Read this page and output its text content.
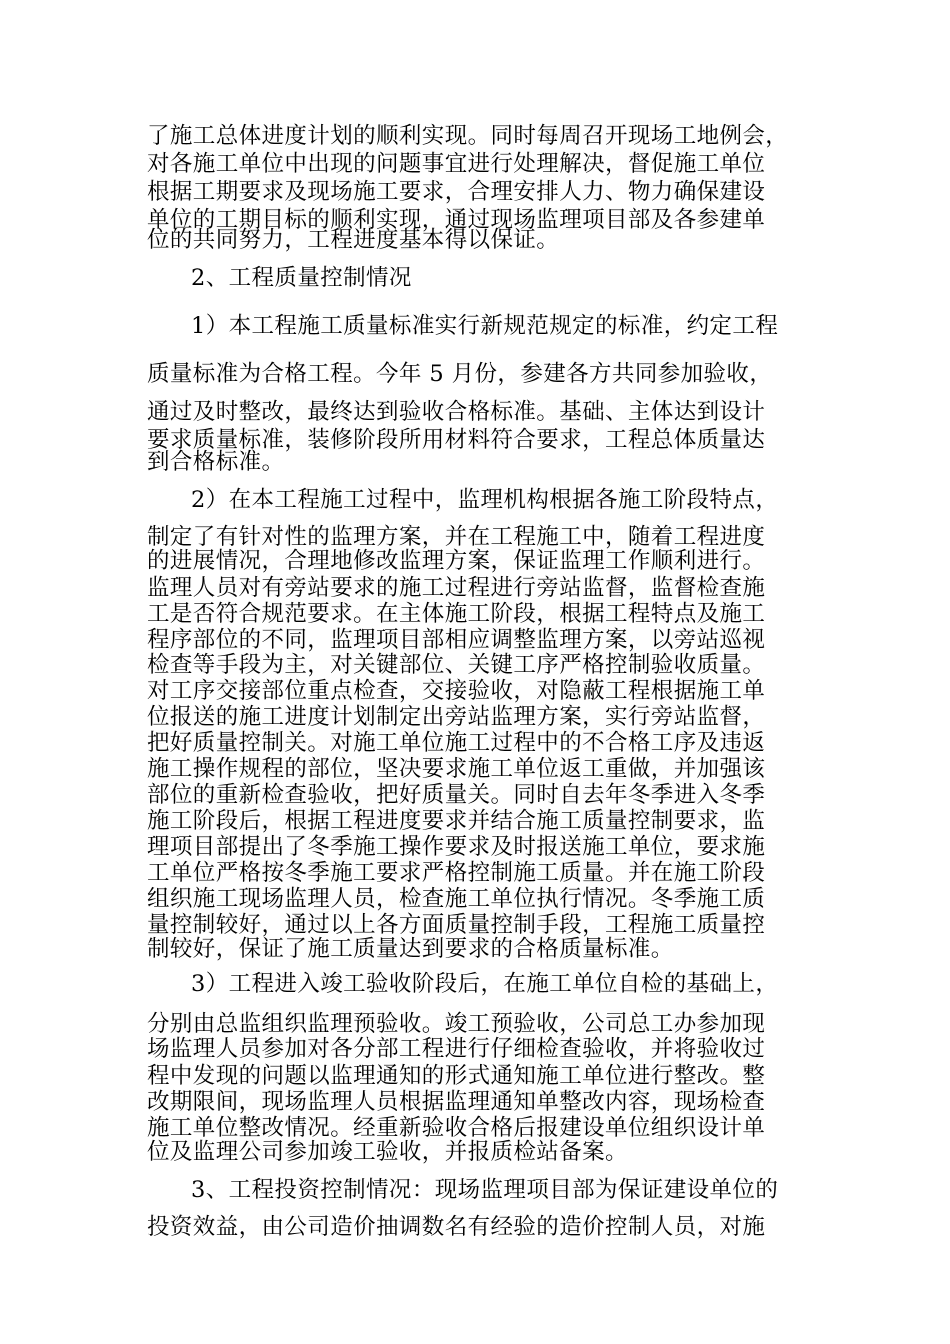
了施工总体进度计划的顺利实现。同时每周召开现场工地例会，
对各施工单位中出现的问题事宜进行处理解决，督促施工单位
根据工期要求及现场施工要求，合理安排人力、物力确保建设
单位的工期目标的顺利实现，通过现场监理项目部及各参建单
位的共同努力，工程进度基本得以保证。
2、工程质量控制情况
1）本工程施工质量标准实行新规范规定的标准，约定工程
质量标准为合格工程。今年 5 月份，参建各方共同参加验收，
通过及时整改，最终达到验收合格标准。基础、主体达到设计
要求质量标准，装修阶段所用材料符合要求，工程总体质量达
到合格标准。
2）在本工程施工过程中，监理机构根据各施工阶段特点，
制定了有针对性的监理方案，并在工程施工中，随着工程进度
的进展情况，合理地修改监理方案，保证监理工作顺利进行。
监理人员对有旁站要求的施工过程进行旁站监督，监督检查施
工是否符合规范要求。在主体施工阶段，根据工程特点及施工
程序部位的不同，监理项目部相应调整监理方案，以旁站巡视
检查等手段为主，对关键部位、关键工序严格控制验收质量。
对工序交接部位重点检查，交接验收，对隐蔽工程根据施工单
位报送的施工进度计划制定出旁站监理方案，实行旁站监督，
把好质量控制关。对施工单位施工过程中的不合格工序及违返
施工操作规程的部位，坚决要求施工单位返工重做，并加强该
部位的重新检查验收，把好质量关。同时自去年冬季进入冬季
施工阶段后，根据工程进度要求并结合施工质量控制要求，监
理项目部提出了冬季施工操作要求及时报送施工单位，要求施
工单位严格按冬季施工要求严格控制施工质量。并在施工阶段
组织施工现场监理人员，检查施工单位执行情况。冬季施工质
量控制较好，通过以上各方面质量控制手段，工程施工质量控
制较好，保证了施工质量达到要求的合格质量标准。
3）工程进入竣工验收阶段后，在施工单位自检的基础上，
分别由总监组织监理预验收。竣工预验收，公司总工办参加现
场监理人员参加对各分部工程进行仔细检查验收，并将验收过
程中发现的问题以监理通知的形式通知施工单位进行整改。整
改期限间，现场监理人员根据监理通知单整改内容，现场检查
施工单位整改情况。经重新验收合格后报建设单位组织设计单
位及监理公司参加竣工验收，并报质检站备案。
3、工程投资控制情况：现场监理项目部为保证建设单位的
投资效益，由公司造价抽调数名有经验的造价控制人员，对施
